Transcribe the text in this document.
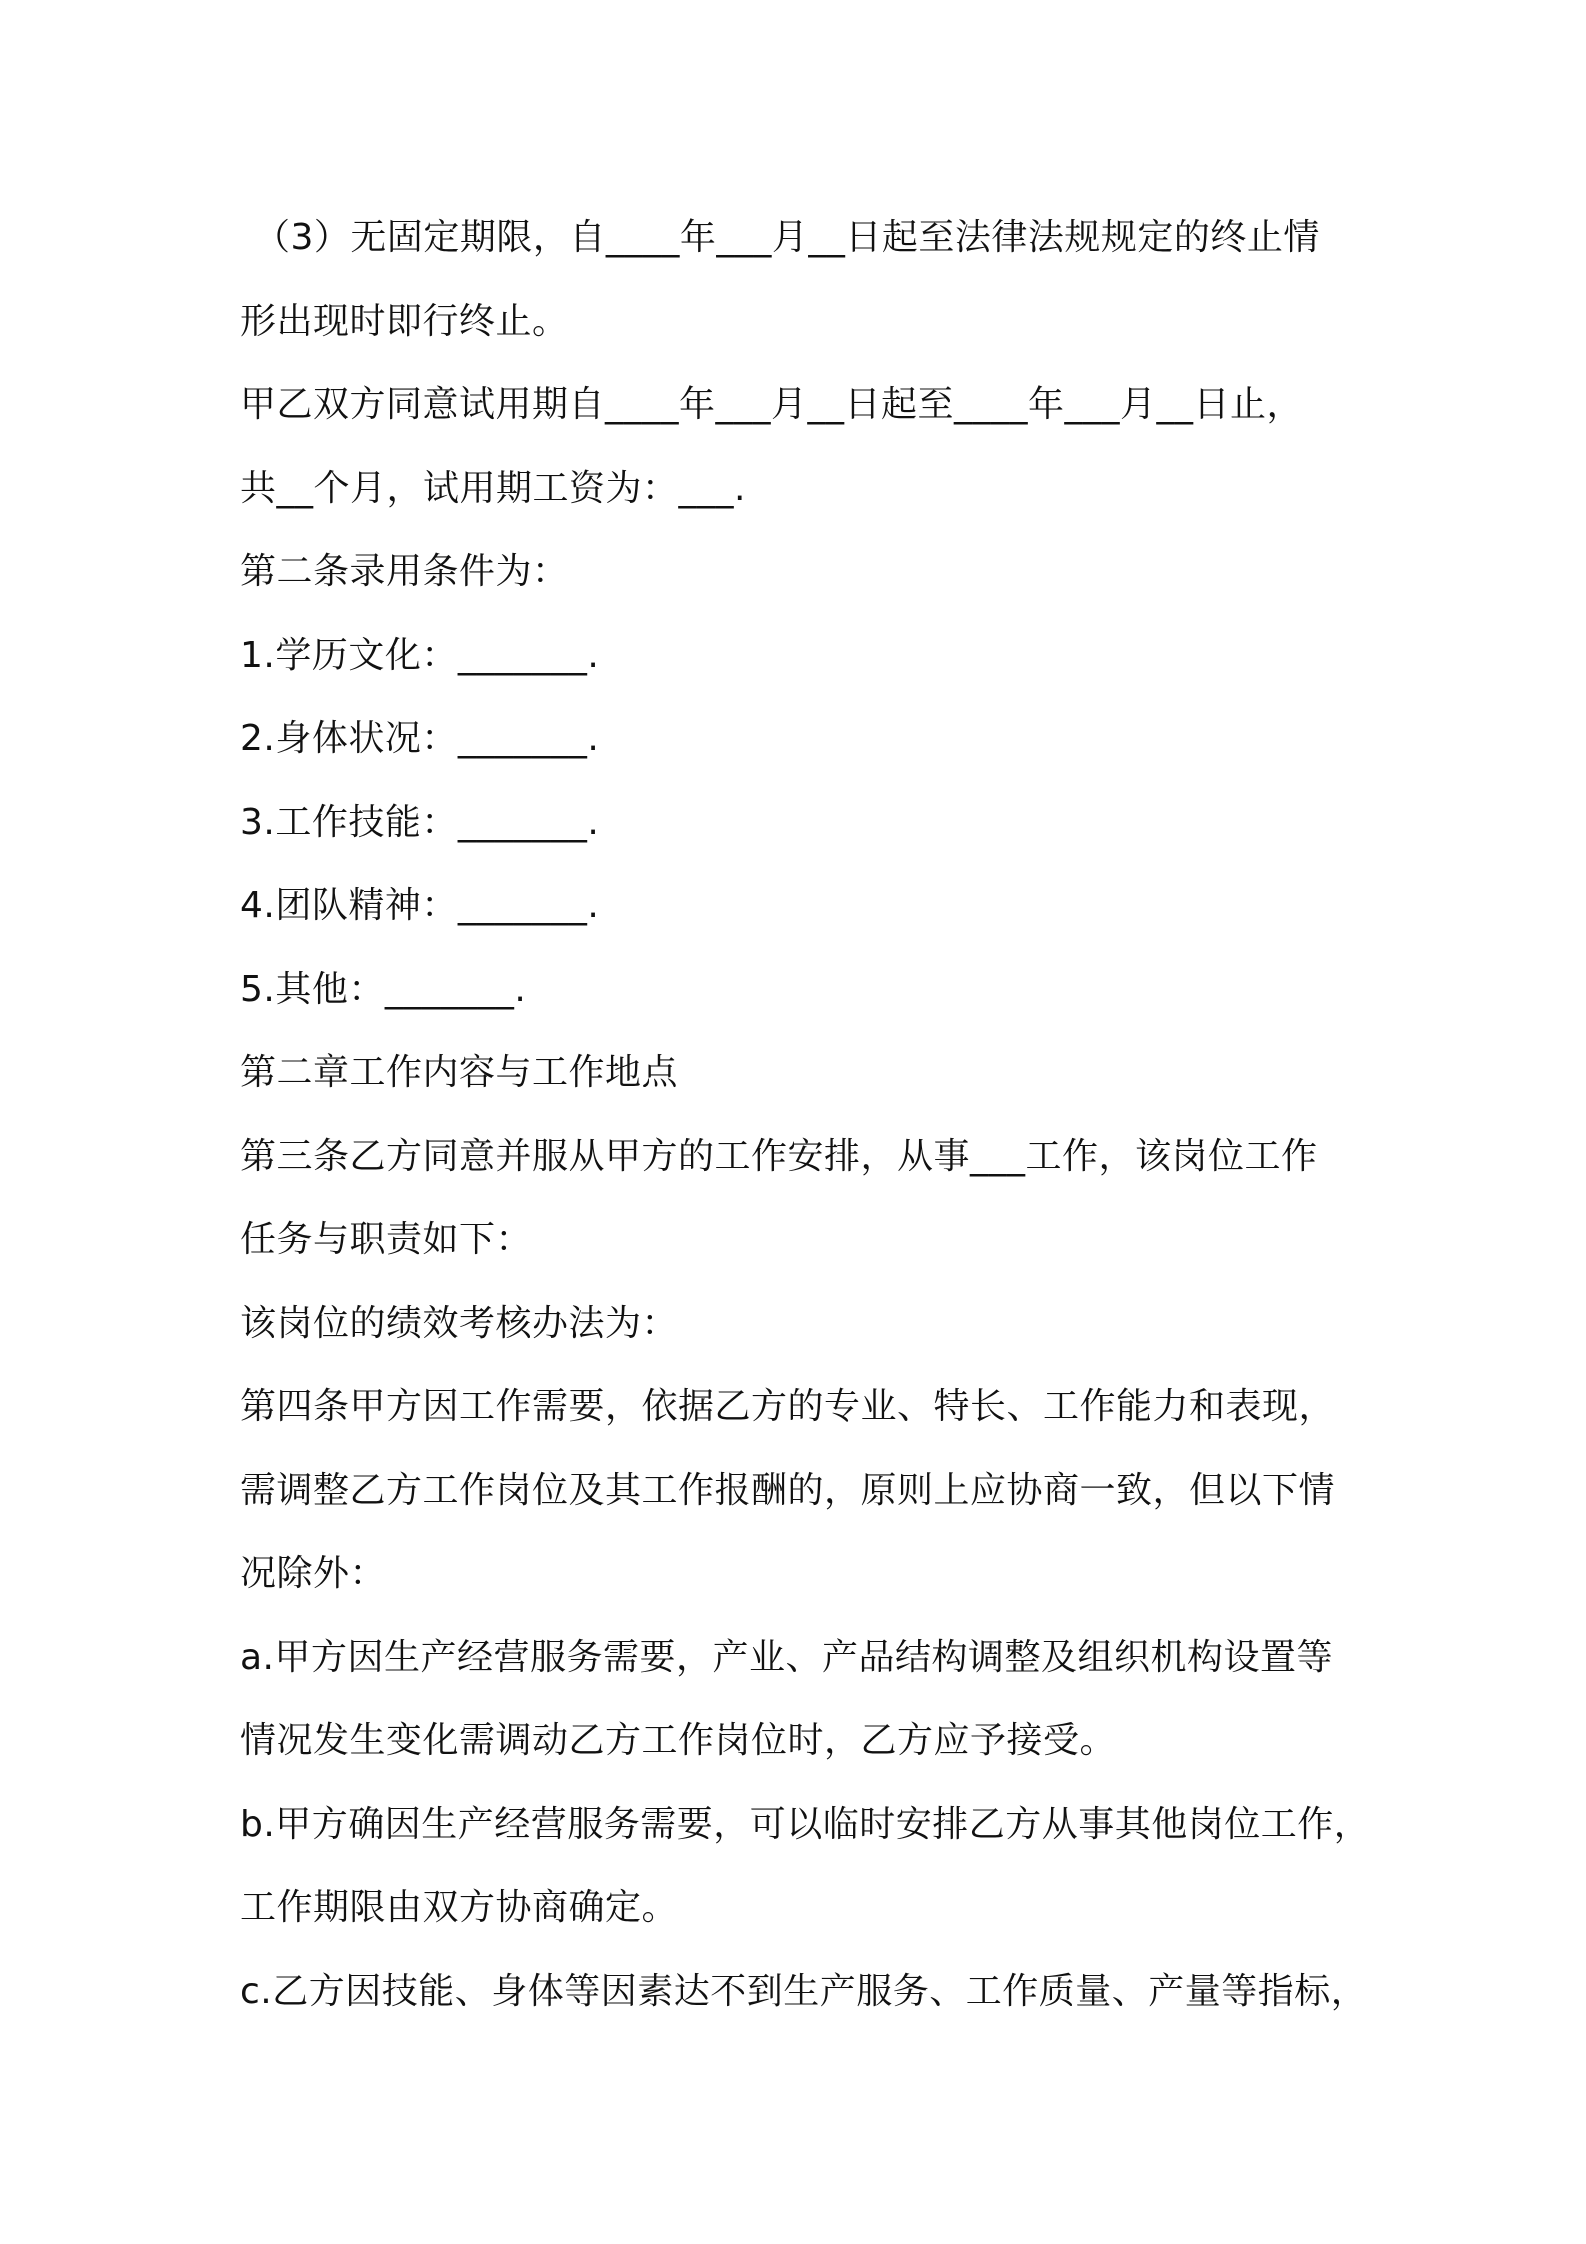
（3）无固定期限，自____年___月__日起至法律法规规定的终止情
形出现时即行终止。
甲乙双方同意试用期自____年___月__日起至____年___月__日止，
共__个月，试用期工资为：___.
第二条录用条件为：
1.学历文化：_______.
2.身体状况：_______.
3.工作技能：_______.
4.团队精神：_______.
5.其他：_______.
第二章工作内容与工作地点
第三条乙方同意并服从甲方的工作安排，从事___工作，该岗位工作
任务与职责如下：
该岗位的绩效考核办法为：
第四条甲方因工作需要，依据乙方的专业、特长、工作能力和表现，
需调整乙方工作岗位及其工作报酬的，原则上应协商一致，但以下情
况除外：
a.甲方因生产经营服务需要，产业、产品结构调整及组织机构设置等
情况发生变化需调动乙方工作岗位时，乙方应予接受。
b.甲方确因生产经营服务需要，可以临时安排乙方从事其他岗位工作，
工作期限由双方协商确定。
c.乙方因技能、身体等因素达不到生产服务、工作质量、产量等指标，
